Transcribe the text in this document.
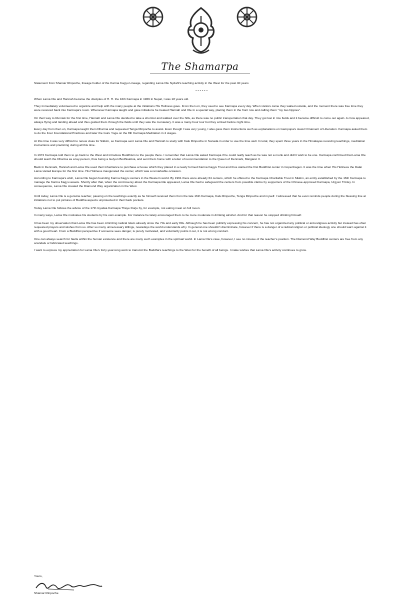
The Shamarpa

Statement from Shamar Rinpoche, lineage holder of the Karma Kagyu Lineage, regarding Lama Ole Nydahl's teaching activity in the West for the past 40 years

******

When Lama Ole and Hannah became the disciples of H. H. the 16th Karmapa in 1969 in Nepal, I was 18 years old.

They immediately volunteered to organize and help with the many people at the initiations His Holiness gave. From then on, they used to see Karmapa every day. When visitors came they waited outside, and the moment there was free time they were received back into Karmapa's room. Whenever Karmapa taught and gave initiations he treated Hannah and Ole in a special way, placing them in the front row and calling them "my two hippies".

On their way to Rumtek for the first time, Hannah and Lama Ole decided to take a shortcut and walked over the hills, as there was no public transportation that day. They got lost in rice fields and it became difficult to come out again. A crow appeared, always flying and landing ahead and thus guided them through the fields until they saw the monastery. It was a many-hour tour but they arrived before night time.

Every day from then on, Karmapa taught them Dharma and requested Tenga Rinpoche to assist. Even though I was very young, I also gave them instructions such as explanations on Gampopa's Jewel Ornament of Liberation. Karmapa asked them to do the Four Foundational Practices and later the Guru Yoga on the 8th Karmapa Meditation in 4 stages.

At this time it was very difficult to renew visas for Sikkim, so Karmapa sent Lama Ole and Hannah to study with Kalu Rinpoche in Sonada in order to use the time well. In total, they spent three years in the Himalayas receiving teachings, meditation instructions and practicing during all this time.

In 1972 Karmapa told them to go back to the West and introduce Buddhism to the people there. I remember that Lama Ole asked Karmapa if he could really teach as he was not a monk and didn't wish to be one. Karmapa confirmed that Lama Ole should teach the Dharma as a lay-person, thus being a Gelyun Bodhisattva, and sent them home with a letter of recommendation to the Queen of Denmark, Margaret II.

Back in Denmark, Hannah and Lama Ole used their inheritance to purchase a house which they placed in a newly formed Karma Kagyu Trust and thus started the first Buddhist center in Copenhagen. It was the time when His Holiness the Dalai Lama visited Europe for the first time. His Holiness inaugurated the center, which was a remarkable occasion.

According to Karmapa's wish, Lama Ole began founding Karma Kagyu centers in the Western world. By 1991 there were already 64 centers, which he offered to the Karmapa Charitable Trust in Sikkim, an entity established by the 16th Karmapa to manage the Karma Kagyu assets. Shortly after that, when the controversy about the Karmapa title appeared, Lama Ole had to safeguard the centers from possible claims by supporters of the Chinese-approved Karmapa, Urgyen Trinley. In consequence, Lama Ole created the Diamond Way organization in the West.

Until today, Lama Ole is a genuine teacher, passing on the teachings exactly as he himself received them from the late 16th Karmapa, Kalu Rinpoche, Tenga Rinpoche and myself. I witnessed that he even reminds people during the blessing line at initiations not to put pictures of Buddha aspects unprotected in their back pockets.

Today Lama Ole follows the advice of the 17th Gyalwa Karmapa Thaye Dorje by, for example, not eating meat on full moon.

In many ways, Lama Ole motivates his students by his own example. For instance he lately encouraged them to be more moderate in drinking alcohol. And for that reason he stopped drinking himself.

It has been my observation that Lama Ole has been criticizing radical Islam already since the 70s and early 80s. Although he has been publicly expressing his concern, he has not organized any political or anti-religious activity but instead has often requested prayers and wishes from us. After so many unnecessary killings, nowadays the world understands why. In general one shouldn't discriminate, however if there is a danger of a radical religion or political ideology one should warn against it with a good heart. From a Buddhist perspective if someone sees danger, is purely motivated, and voluntarily points it out, it is not wrong conduct.

One can always search for faults within the human existence and there are many such examples in the spiritual world. In Lama Ole's case, however, I see no misuse of the teacher's position. The Diamond Way Buddhist centers are free from any scandals or fabricated teachings.

I want to express my appreciation for Lama Ole's forty-year-long work to transmit the Buddha's teachings to the West for the benefit of all beings. I make wishes that Lama Ole's activity continues to grow.

Yours,
Shamar Rinpoche
